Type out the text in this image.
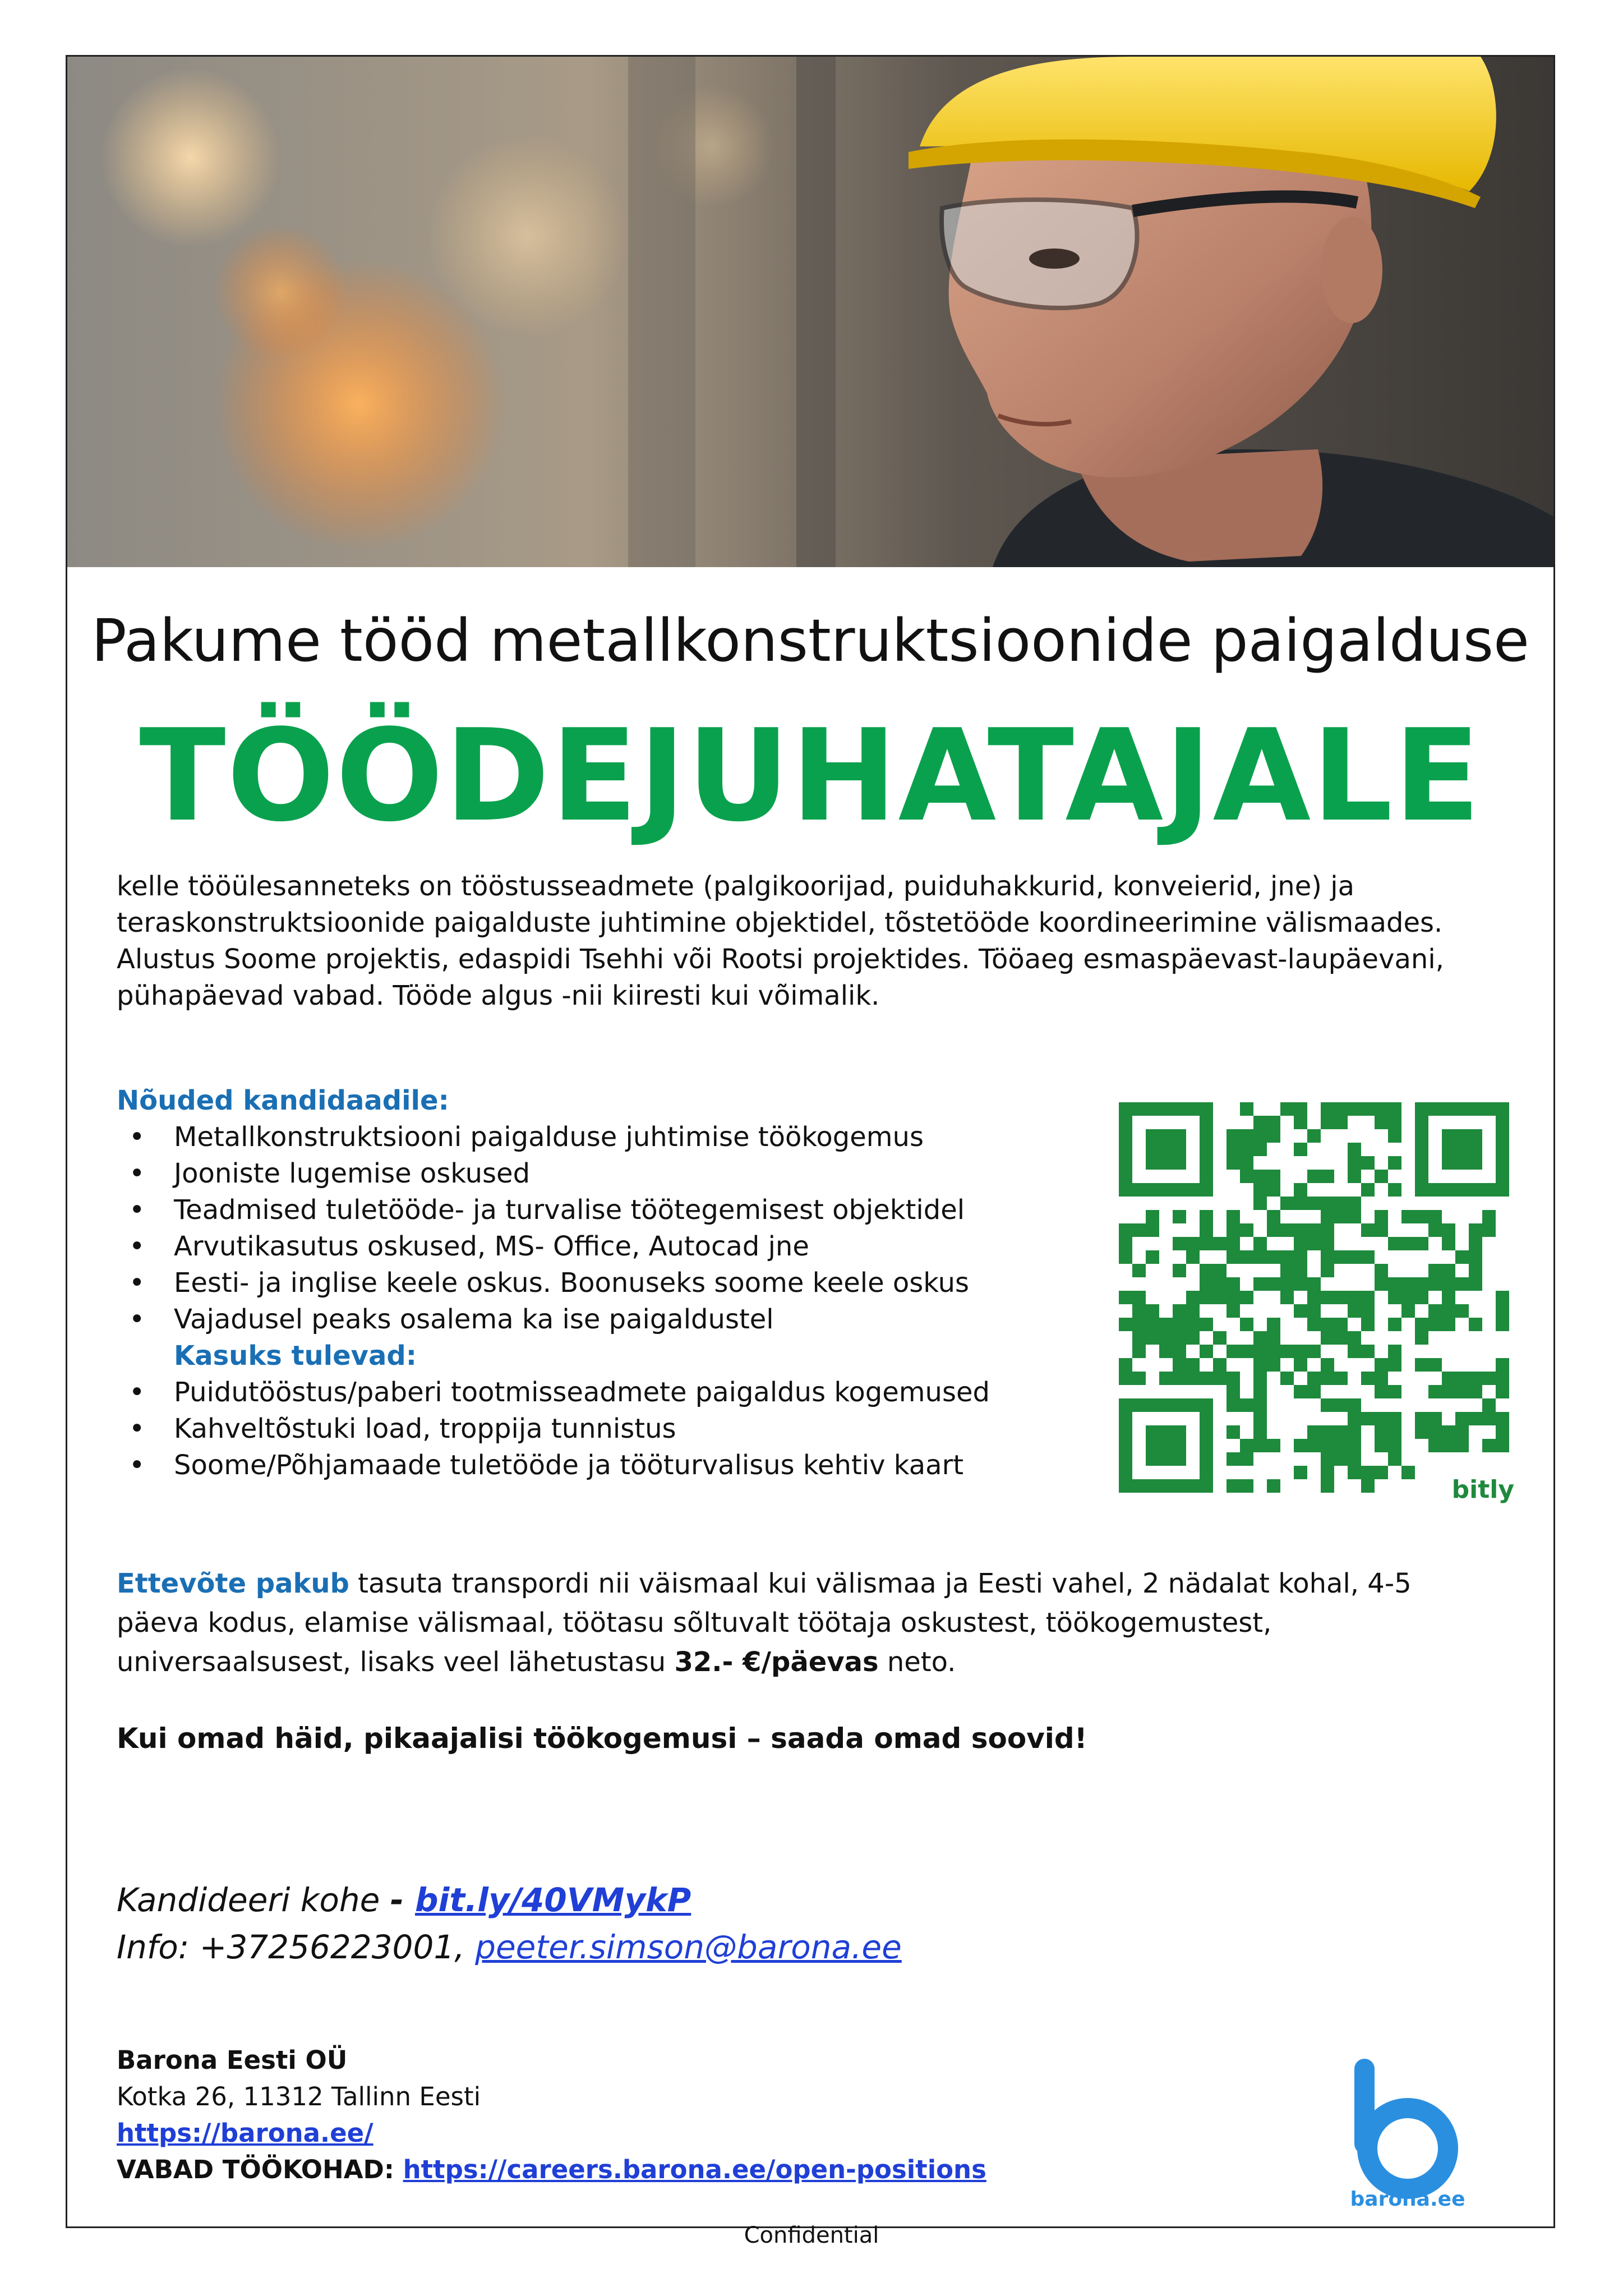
Pakume tööd metallkonstruktsioonide paigalduse
TÖÖDEJUHATAJALE
kelle tööülesanneteks on tööstusseadmete (palgikoorijad, puiduhakkurid, konveierid, jne) ja teraskonstruktsioonide paigalduste juhtimine objektidel, tõstetööde koordineerimine välismaades. Alustus Soome projektis, edaspidi Tsehhi või Rootsi projektides. Tööaeg esmaspäevast-laupäevani, pühapäevad vabad. Tööde algus -nii kiiresti kui võimalik.
Nõuded kandidaadile:
• Metallkonstruktsiooni paigalduse juhtimise töökogemus
• Jooniste lugemise oskused
• Teadmised tuletööde- ja turvalise töötegemisest objektidel
• Arvutikasutus oskused, MS- Office, Autocad jne
• Eesti- ja inglise keele oskus. Boonuseks soome keele oskus
• Vajadusel peaks osalema ka ise paigaldustel
Kasuks tulevad:
• Puidutööstus/paberi tootmisseadmete paigaldus kogemused
• Kahveltõstuki load, troppija tunnistus
• Soome/Põhjamaade tuletööde ja tööturvalisus kehtiv kaart
bitly
Ettevõte pakub tasuta transpordi nii väismaal kui välismaa ja Eesti vahel, 2 nädalat kohal, 4-5 päeva kodus, elamise välismaal, töötasu sõltuvalt töötaja oskustest, töökogemustest, universaalsusest, lisaks veel lähetustasu 32.- €/päevas neto.
Kui omad häid, pikaajalisi töökogemusi – saada omad soovid!
Kandideeri kohe - bit.ly/40VMykP
Info: +37256223001, peeter.simson@barona.ee
Barona Eesti OÜ
Kotka 26, 11312 Tallinn Eesti
https://barona.ee/
VABAD TÖÖKOHAD: https://careers.barona.ee/open-positions
barona.ee
Confidential
